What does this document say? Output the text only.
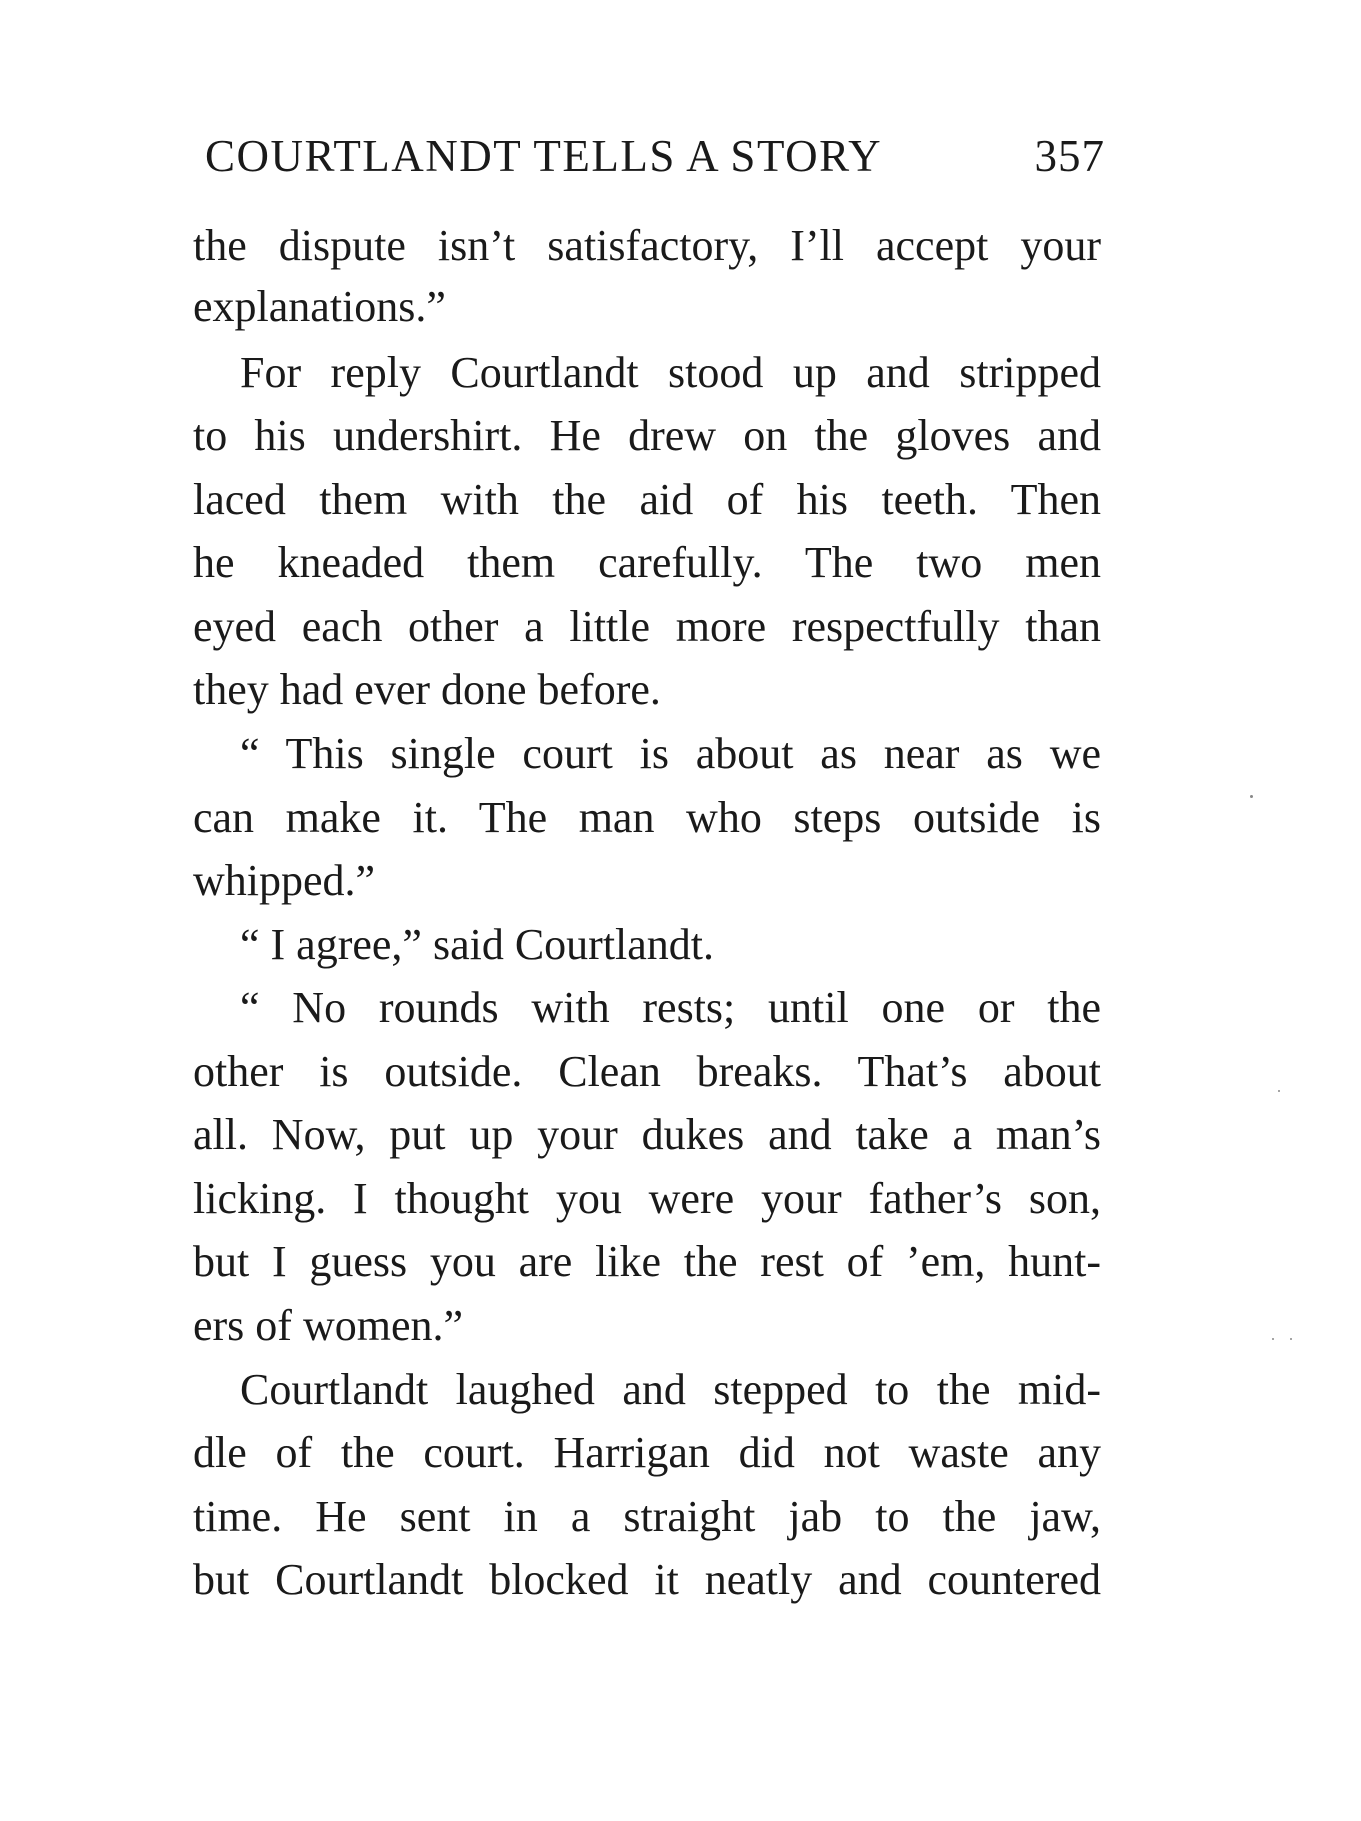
COURTLANDT TELLS A STORY	357
the dispute isn’t satisfactory, I’ll accept your
explanations.”
For reply Courtlandt stood up and stripped
to his undershirt. He drew on the gloves and
laced them with the aid of his teeth. Then
he kneaded them carefully. The two men
eyed each other a little more respectfully than
they had ever done before.
“ This single court is about as near as we
can make it. The man who steps outside is
whipped.”
“ I agree,” said Courtlandt.
“ No rounds with rests; until one or the
other is outside. Clean breaks. That’s about
all. Now, put up your dukes and take a man’s
licking. I thought you were your father’s son,
but I guess you are like the rest of ’em, hunt-
ers of women.”
Courtlandt laughed and stepped to the mid-
dle of the court. Harrigan did not waste any
time. He sent in a straight jab to the jaw,
but Courtlandt blocked it neatly and countered
